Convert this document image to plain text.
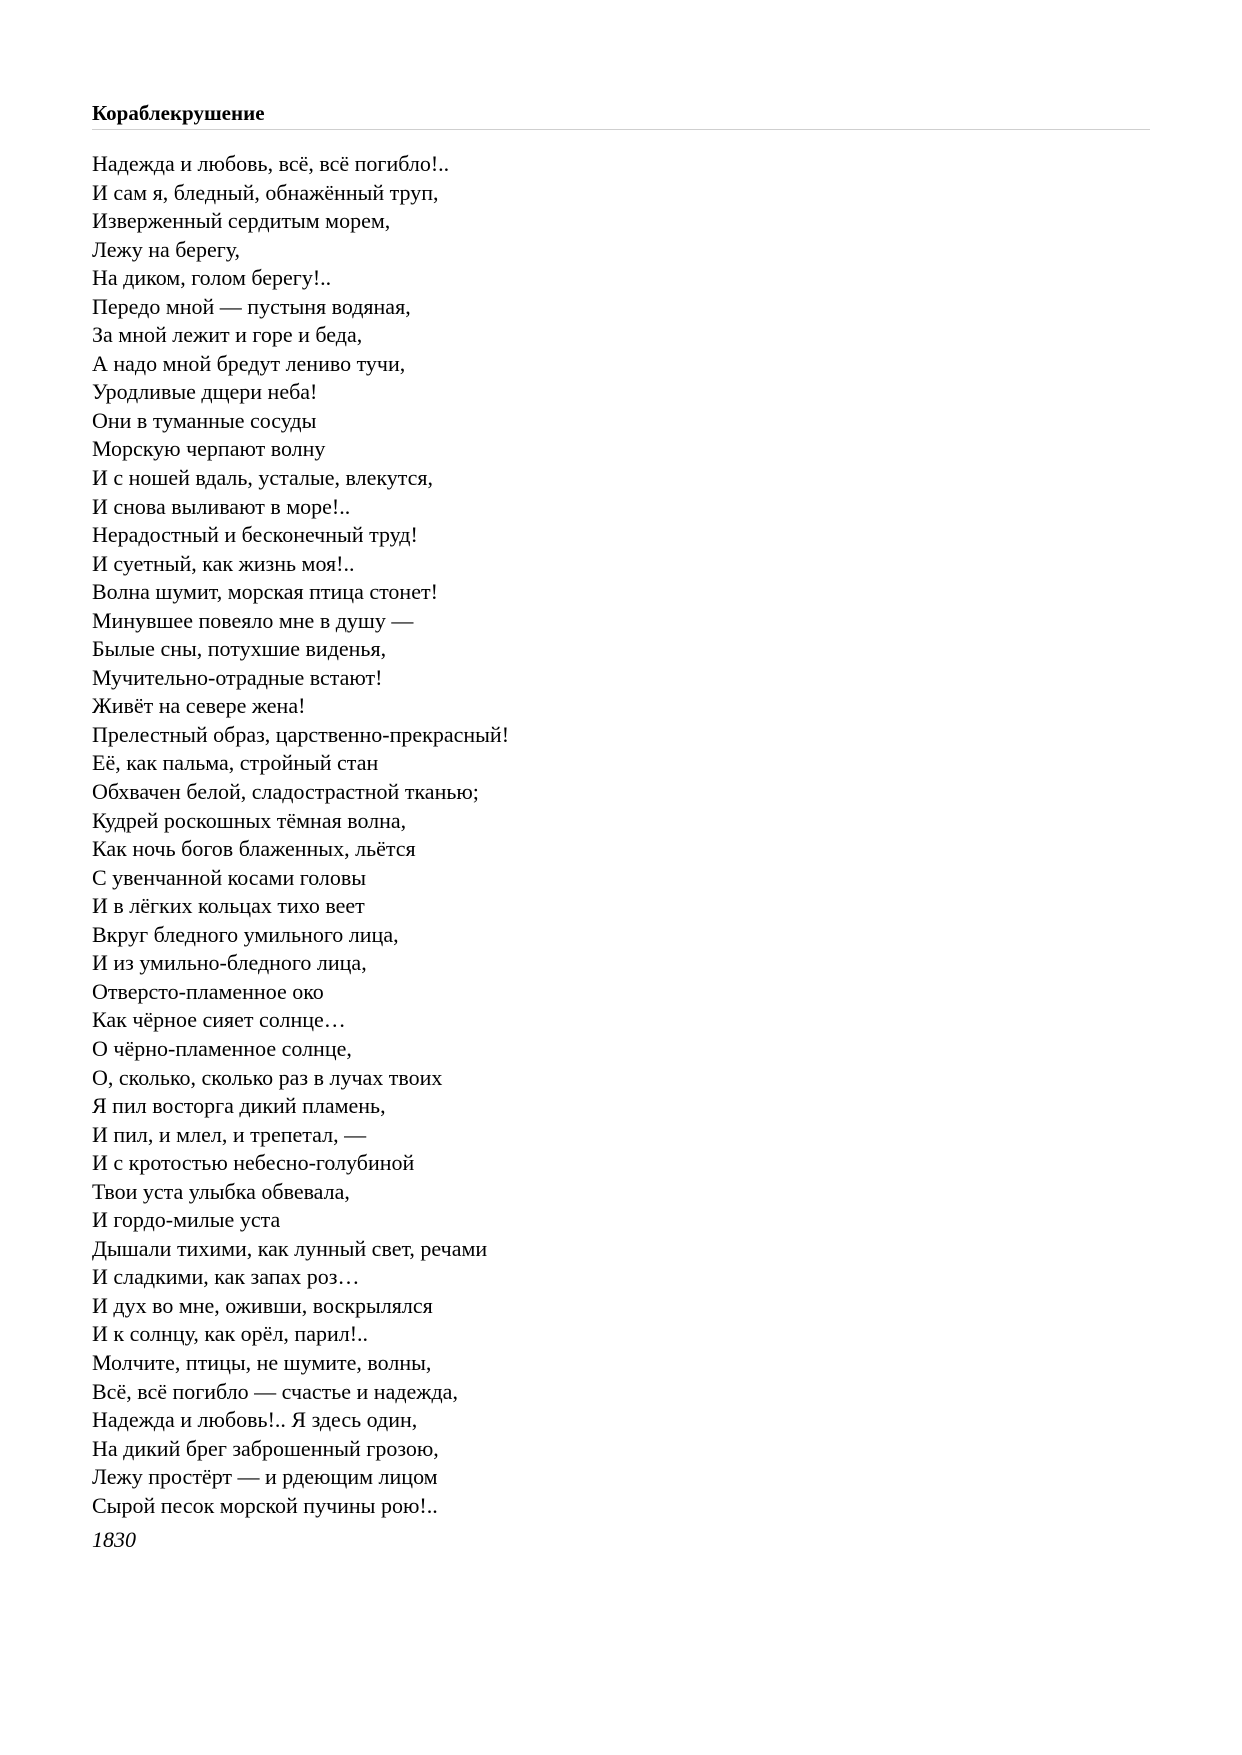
Кораблекрушение
Надежда и любовь, всё, всё погибло!..
И сам я, бледный, обнажённый труп,
Изверженный сердитым морем,
Лежу на берегу,
На диком, голом берегу!..
Передо мной — пустыня водяная,
За мной лежит и горе и беда,
А надо мной бредут лениво тучи,
Уродливые дщери неба!
Они в туманные сосуды
Морскую черпают волну
И с ношей вдаль, усталые, влекутся,
И снова выливают в море!..
Нерадостный и бесконечный труд!
И суетный, как жизнь моя!..
Волна шумит, морская птица стонет!
Минувшее повеяло мне в душу —
Былые сны, потухшие виденья,
Мучительно-отрадные встают!
Живёт на севере жена!
Прелестный образ, царственно-прекрасный!
Её, как пальма, стройный стан
Обхвачен белой, сладострастной тканью;
Кудрей роскошных тёмная волна,
Как ночь богов блаженных, льётся
С увенчанной косами головы
И в лёгких кольцах тихо веет
Вкруг бледного умильного лица,
И из умильно-бледного лица,
Отверсто-пламенное око
Как чёрное сияет солнце…
О чёрно-пламенное солнце,
О, сколько, сколько раз в лучах твоих
Я пил восторга дикий пламень,
И пил, и млел, и трепетал, —
И с кротостью небесно-голубиной
Твои уста улыбка обвевала,
И гордо-милые уста
Дышали тихими, как лунный свет, речами
И сладкими, как запах роз…
И дух во мне, оживши, воскрылялся
И к солнцу, как орёл, парил!..
Молчите, птицы, не шумите, волны,
Всё, всё погибло — счастье и надежда,
Надежда и любовь!.. Я здесь один,
На дикий брег заброшенный грозою,
Лежу простёрт — и рдеющим лицом
Сырой песок морской пучины рою!..
1830
